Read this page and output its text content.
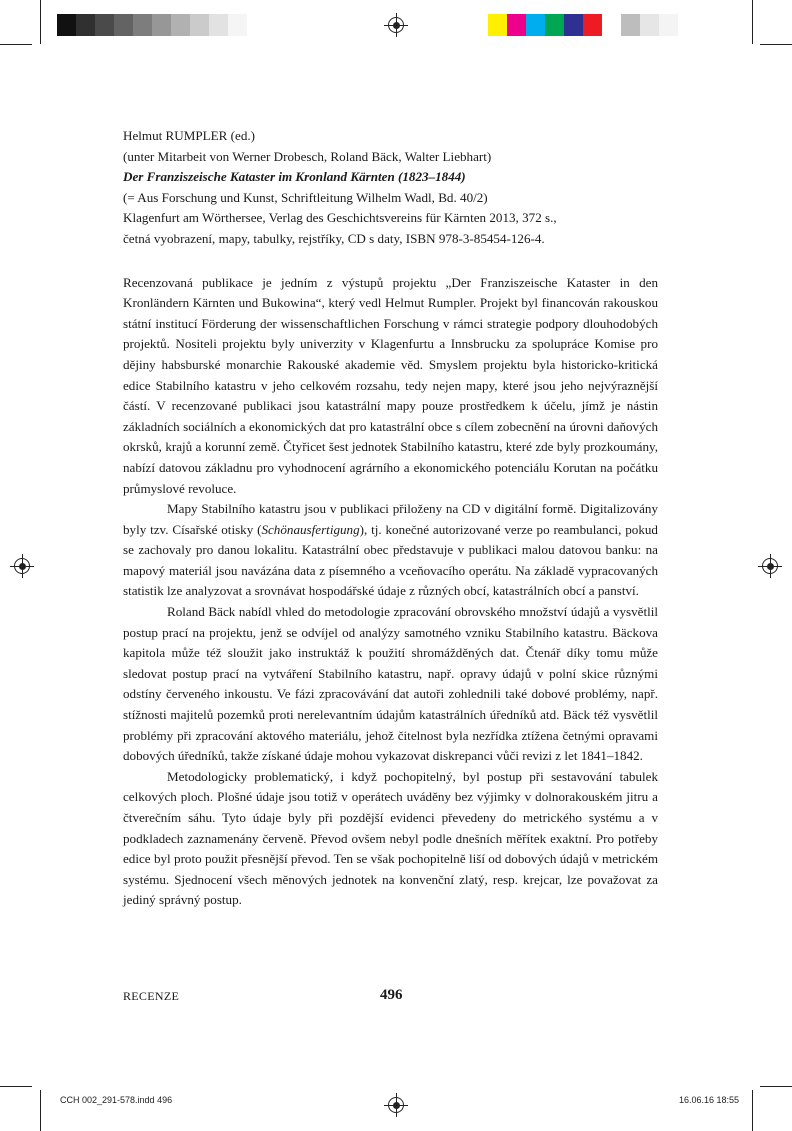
Helmut RUMPLER (ed.)

(unter Mitarbeit von Werner Drobesch, Roland Bäck, Walter Liebhart)

Der Franziszeische Kataster im Kronland Kärnten (1823–1844)

(= Aus Forschung und Kunst, Schriftleitung Wilhelm Wadl, Bd. 40/2)

Klagenfurt am Wörthersee, Verlag des Geschichtsvereins für Kärnten 2013, 372 s.,

četná vyobrazení, mapy, tabulky, rejstříky, CD s daty, ISBN 978-3-85454-126-4.

Recenzovaná publikace je jedním z výstupů projektu „Der Franziszeische Kataster in den Kronländern Kärnten und Bukowina“, který vedl Helmut Rumpler. Projekt byl financován rakouskou státní institucí Förderung der wissenschaftlichen Forschung v rámci strategie podpory dlouhodobých projektů. Nositeli projektu byly univerzity v Klagenfurtu a Innsbrucku za spolupráce Komise pro dějiny habsburské monarchie Rakouské akademie věd. Smyslem projektu byla historicko-kritická edice Stabilního katastru v jeho celkovém rozsahu, tedy nejen mapy, které jsou jeho nejvýraznější částí. V recenzované publikaci jsou katastrální mapy pouze prostředkem k účelu, jímž je nástin základních sociálních a ekonomických dat pro katastrální obce s cílem zobecnění na úrovni daňových okrsků, krajů a korunní země. Čtyřicet šest jednotek Stabilního katastru, které zde byly prozkoumány, nabízí datovou základnu pro vyhodnocení agrárního a ekonomického potenciálu Korutan na počátku průmyslové revoluce.

Mapy Stabilního katastru jsou v publikaci přiloženy na CD v digitální formě. Digitalizovány byly tzv. Císařské otisky (Schönausfertigung), tj. konečné autorizované verze po reambulanci, pokud se zachovaly pro danou lokalitu. Katastrální obec představuje v publikaci malou datovou banku: na mapový materiál jsou navázána data z písemného a vceňovacího operátu. Na základě vypracovaných statistik lze analyzovat a srovnávat hospodářské údaje z různých obcí, katastrálních obcí a panství.

Roland Bäck nabídl vhled do metodologie zpracování obrovského množství údajů a vysvětlil postup prací na projektu, jenž se odvíjel od analýzy samotného vzniku Stabilního katastru. Bäckova kapitola může též sloužit jako instruktáž k použití shromážděných dat. Čtenář díky tomu může sledovat postup prací na vytváření Stabilního katastru, např. opravy údajů v polní skice různými odstíny červeného inkoustu. Ve fázi zpracovávání dat autoři zohlednili také dobové problémy, např. stížnosti majitelů pozemků proti nerelevantním údajům katastrálních úředníků atd. Bäck též vysvětlil problémy při zpracování aktového materiálu, jehož čitelnost byla nezřídka ztížena četnými opravami dobových úředníků, takže získané údaje mohou vykazovat diskrepanci vůči revizi z let 1841–1842.

Metodologicky problematický, i když pochopitelný, byl postup při sestavování tabulek celkových ploch. Plošné údaje jsou totiž v operátech uváděny bez výjimky v dolnorakouském jitru a čtverečním sáhu. Tyto údaje byly při pozdější evidenci převedeny do metrického systému a v podkladech zaznamenány červeně. Převod ovšem nebyl podle dnešních měřítek exaktní. Pro potřeby edice byl proto použit přesnější převod. Ten se však pochopitelně liší od dobových údajů v metrickém systému. Sjednocení všech měnových jednotek na konvenční zlatý, resp. krejcar, lze považovat za jediný správný postup.

RECENZE	496
CCH 002_291-578.indd 496	16.06.16 18:55
